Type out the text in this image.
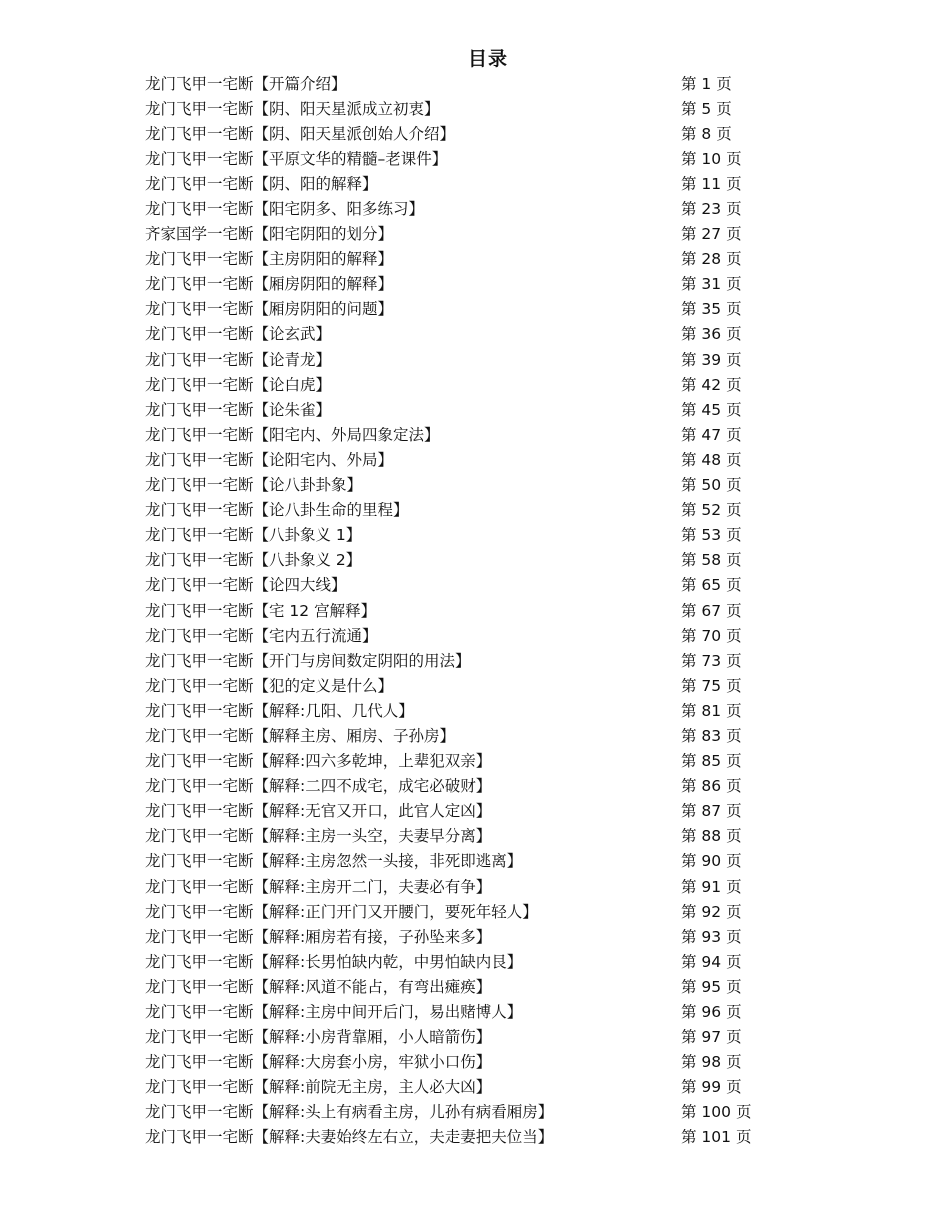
目录
龙门飞甲一宅断【开篇介绍】	第 1 页
龙门飞甲一宅断【阴、阳天星派成立初衷】	第 5 页
龙门飞甲一宅断【阴、阳天星派创始人介绍】	第 8 页
龙门飞甲一宅断【平原文华的精髓–老课件】	第 10 页
龙门飞甲一宅断【阴、阳的解释】	第 11 页
龙门飞甲一宅断【阳宅阴多、阳多练习】	第 23 页
齐家国学一宅断【阳宅阴阳的划分】	第 27 页
龙门飞甲一宅断【主房阴阳的解释】	第 28 页
龙门飞甲一宅断【厢房阴阳的解释】	第 31 页
龙门飞甲一宅断【厢房阴阳的问题】	第 35 页
龙门飞甲一宅断【论玄武】	第 36 页
龙门飞甲一宅断【论青龙】	第 39 页
龙门飞甲一宅断【论白虎】	第 42 页
龙门飞甲一宅断【论朱雀】	第 45 页
龙门飞甲一宅断【阳宅内、外局四象定法】	第 47 页
龙门飞甲一宅断【论阳宅内、外局】	第 48 页
龙门飞甲一宅断【论八卦卦象】	第 50 页
龙门飞甲一宅断【论八卦生命的里程】	第 52 页
龙门飞甲一宅断【八卦象义 1】	第 53 页
龙门飞甲一宅断【八卦象义 2】	第 58 页
龙门飞甲一宅断【论四大线】	第 65 页
龙门飞甲一宅断【宅 12 宫解释】	第 67 页
龙门飞甲一宅断【宅内五行流通】	第 70 页
龙门飞甲一宅断【开门与房间数定阴阳的用法】	第 73 页
龙门飞甲一宅断【犯的定义是什么】	第 75 页
龙门飞甲一宅断【解释:几阳、几代人】	第 81 页
龙门飞甲一宅断【解释主房、厢房、子孙房】	第 83 页
龙门飞甲一宅断【解释:四六多乾坤，上辈犯双亲】	第 85 页
龙门飞甲一宅断【解释:二四不成宅，成宅必破财】	第 86 页
龙门飞甲一宅断【解释:无官又开口，此官人定凶】	第 87 页
龙门飞甲一宅断【解释:主房一头空，夫妻早分离】	第 88 页
龙门飞甲一宅断【解释:主房忽然一头接，非死即逃离】	第 90 页
龙门飞甲一宅断【解释:主房开二门，夫妻必有争】	第 91 页
龙门飞甲一宅断【解释:正门开门又开腰门，要死年轻人】	第 92 页
龙门飞甲一宅断【解释:厢房若有接，子孙坠来多】	第 93 页
龙门飞甲一宅断【解释:长男怕缺内乾，中男怕缺内艮】	第 94 页
龙门飞甲一宅断【解释:风道不能占，有弯出瘫痪】	第 95 页
龙门飞甲一宅断【解释:主房中间开后门，易出赌博人】	第 96 页
龙门飞甲一宅断【解释:小房背靠厢，小人暗箭伤】	第 97 页
龙门飞甲一宅断【解释:大房套小房，牢狱小口伤】	第 98 页
龙门飞甲一宅断【解释:前院无主房，主人必大凶】	第 99 页
龙门飞甲一宅断【解释:头上有病看主房，儿孙有病看厢房】	第 100 页
龙门飞甲一宅断【解释:夫妻始终左右立，夫走妻把夫位当】	第 101 页
